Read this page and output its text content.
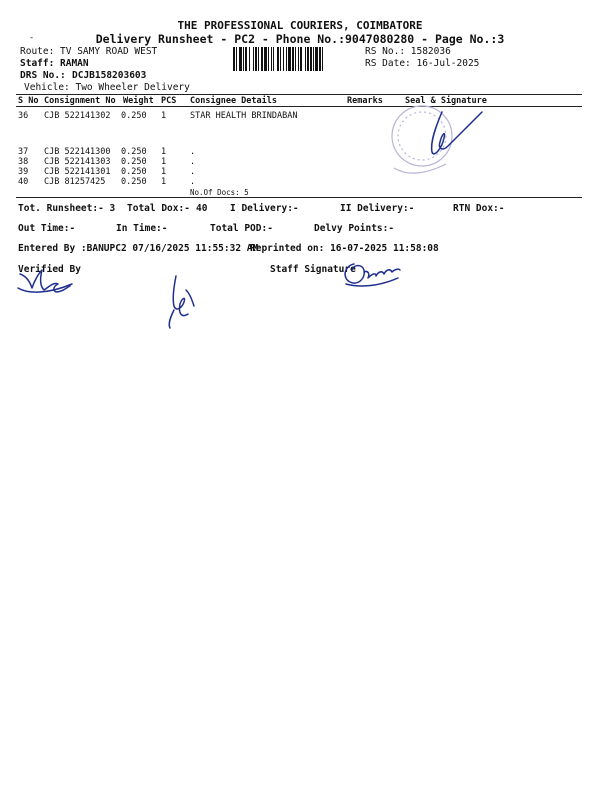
THE PROFESSIONAL COURIERS, COIMBATORE
Delivery Runsheet - PC2 - Phone No.:9047080280 - Page No.:3
-
Route: TV SAMY ROAD WEST
Staff: RAMAN
DRS No.: DCJB158203603
Vehicle: Two Wheeler Delivery
RS No.: 1582036
RS Date: 16-Jul-2025
S No Consignment No Weight PCS Consignee Details	Remarks	Seal & Signature
36 CJB 522141302 0.250 1	STAR HEALTH BRINDABAN
37 CJB 522141300 0.250 1	.
38 CJB 522141303 0.250 1	.
39 CJB 522141301 0.250 1	.
40 CJB 81257425 0.250 1	.
No.Of Docs: 5
Tot. Runsheet:- 3 Total Dox:- 40 I Delivery:-	II Delivery:-	RTN Dox:-
Out Time:-	In Time:-	Total POD:-	Delvy Points:-
Entered By :BANUPC2 07/16/2025 11:55:32 AM
Reprinted on: 16-07-2025 11:58:08
Verified By	Staff Signature
